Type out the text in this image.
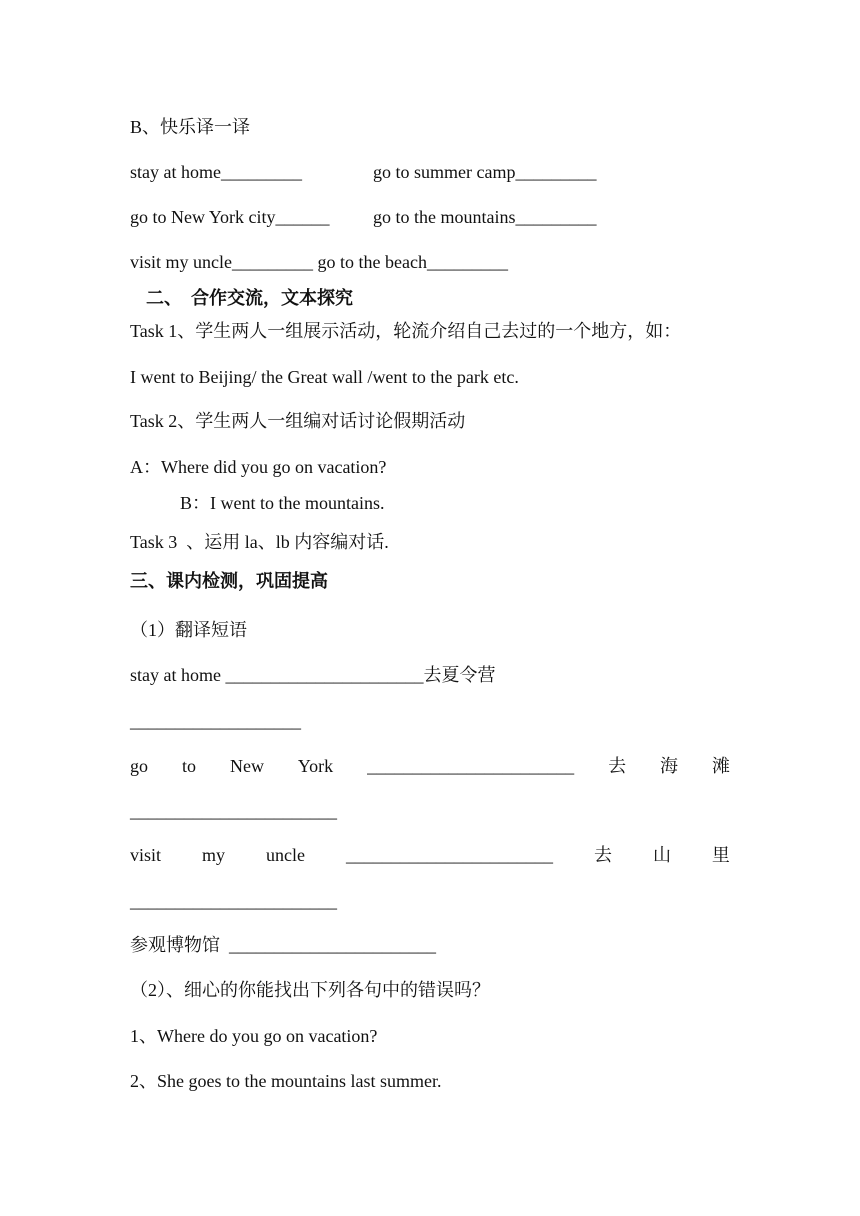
B、快乐译一译
stay at home_________	go to summer camp_________
go to New York city______ go to the mountains_________
visit my uncle_________ go to the beach_________
二、  合作交流，文本探究
Task 1、学生两人一组展示活动，轮流介绍自己去过的一个地方，如：
I went to Beijing/ the Great wall /went to the park etc.
Task 2、学生两人一组编对话讨论假期活动
A：Where did you go on vacation?
B：I went to the mountains.
Task 3  、运用 la、lb 内容编对话.
三、课内检测，巩固提高
（1）翻译短语
stay at home ______________________去夏令营
___________________
go to New York _______________________ 去 海 滩
_______________________
visit my uncle _______________________ 去 山 里
_______________________
参观博物馆  _______________________
（2）、细心的你能找出下列各句中的错误吗？
1、Where do you go on vacation?
2、She goes to the mountains last summer.
